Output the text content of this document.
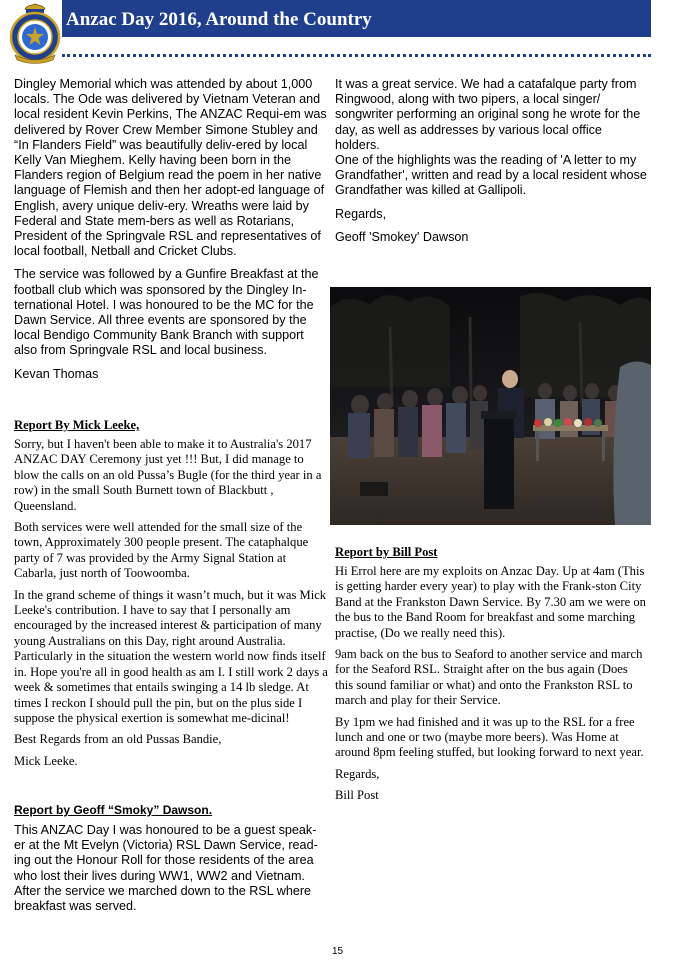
Anzac Day 2016, Around the Country

Dingley Memorial which was attended by about 1,000 locals. The Ode was delivered by Vietnam Veteran and local resident Kevin Perkins, The ANZAC Requi-em was delivered by Rover Crew Member Simone Stubley and “In Flanders Field” was beautifully deliv-ered by local Kelly Van Mieghem. Kelly having been born in the Flanders region of Belgium read the poem in her native language of Flemish and then her adopt-ed language of English, avery unique deliv-ery. Wreaths were laid by Federal and State mem-bers as well as Rotarians, President of the Springvale RSL and representatives of local football, Netball and Cricket Clubs.

The service was followed by a Gunfire Breakfast at the football club which was sponsored by the Dingley In-ternational Hotel. I was honoured to be the MC for the Dawn Service. All three events are sponsored by the local Bendigo Community Bank Branch with support also from Springvale RSL and local business.

Kevan Thomas

Report By Mick Leeke,

Sorry, but I haven't been able to make it to Australia's 2017 ANZAC DAY Ceremony just yet !!! But, I did manage to blow the calls on an old Pussa’s Bugle (for the third year in a row) in the small South Burnett town of Blackbutt , Queensland.

Both services were well attended for the small size of the town, Approximately 300 people present. The cataphalque party of 7 was provided by the Army Signal Station at Cabarla, just north of Toowoomba.

In the grand scheme of things it wasn’t much, but it was Mick Leeke's contribution. I have to say that I personally am encouraged by the increased interest & participation of many young Australians on this Day, right around Australia. Particularly in the situation the western world now finds itself in. Hope you're all in good health as am I. I still work 2 days a week & sometimes that entails swinging a 14 lb sledge. At times I reckon I should pull the pin, but on the plus side I suppose the physical exertion is somewhat me-dicinal!

Best Regards from an old Pussas Bandie,

Mick Leeke.

Report by Geoff “Smoky” Dawson.

This ANZAC Day I was honoured to be a guest speak-er at the Mt Evelyn (Victoria) RSL Dawn Service, read-ing out the Honour Roll for those residents of the area who lost their lives during WW1, WW2 and Vietnam. After the service we marched down to the RSL where breakfast was served.

It was a great service. We had a catafalque party from Ringwood, along with two pipers, a local singer/ songwriter performing an original song he wrote for the day, as well as addresses by various local office holders.

One of the highlights was the reading of 'A letter to my Grandfather', written and read by a local resident whose Grandfather was killed at Gallipoli.

Regards,

Geoff 'Smokey' Dawson

Report by Bill Post

Hi Errol here are my exploits on Anzac Day. Up at 4am (This is getting harder every year) to play with the Frank-ston City Band at the Frankston Dawn Service. By 7.30 am we were on the bus to the Band Room for breakfast and some marching practise, (Do we really need this).

9am back on the bus to Seaford to another service and march for the Seaford RSL. Straight after on the bus again (Does this sound familiar or what) and onto the Frankston RSL to march and play for their Service.

By 1pm we had finished and it was up to the RSL for a free lunch and one or two (maybe more beers). Was Home at around 8pm feeling stuffed, but looking forward to next year.

Regards,

Bill Post

15
